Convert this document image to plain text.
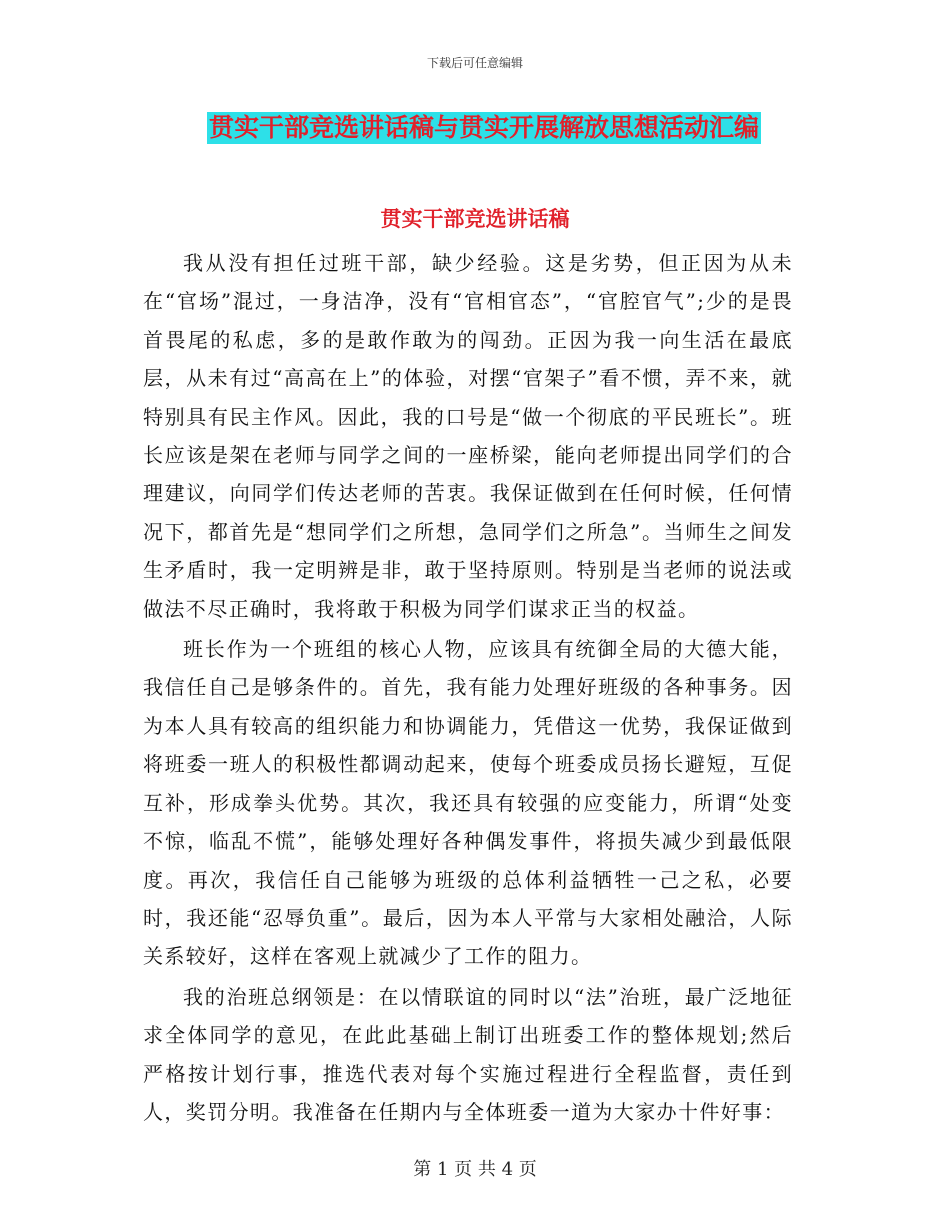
下载后可任意编辑
贯实干部竞选讲话稿与贯实开展解放思想活动汇编
贯实干部竞选讲话稿

我从没有担任过班干部，缺少经验。这是劣势，但正因为从未在“官场”混过，一身洁净，没有“官相官态”，“官腔官气”;少的是畏首畏尾的私虑，多的是敢作敢为的闯劲。正因为我一向生活在最底层，从未有过“高高在上”的体验，对摆“官架子”看不惯，弄不来，就特别具有民主作风。因此，我的口号是“做一个彻底的平民班长”。班长应该是架在老师与同学之间的一座桥梁，能向老师提出同学们的合理建议，向同学们传达老师的苦衷。我保证做到在任何时候，任何情况下，都首先是“想同学们之所想，急同学们之所急”。当师生之间发生矛盾时，我一定明辨是非，敢于坚持原则。特别是当老师的说法或做法不尽正确时，我将敢于积极为同学们谋求正当的权益。

班长作为一个班组的核心人物，应该具有统御全局的大德大能，我信任自己是够条件的。首先，我有能力处理好班级的各种事务。因为本人具有较高的组织能力和协调能力，凭借这一优势，我保证做到将班委一班人的积极性都调动起来，使每个班委成员扬长避短，互促互补，形成拳头优势。其次，我还具有较强的应变能力，所谓“处变不惊，临乱不慌”，能够处理好各种偶发事件，将损失减少到最低限度。再次，我信任自己能够为班级的总体利益牺牲一己之私，必要时，我还能“忍辱负重”。最后，因为本人平常与大家相处融洽，人际关系较好，这样在客观上就减少了工作的阻力。

我的治班总纲领是：在以情联谊的同时以“法”治班，最广泛地征求全体同学的意见，在此此基础上制订出班委工作的整体规划;然后严格按计划行事，推选代表对每个实施过程进行全程监督，责任到人，奖罚分明。我准备在任期内与全体班委一道为大家办十件好事：

第 1 页 共 4 页
